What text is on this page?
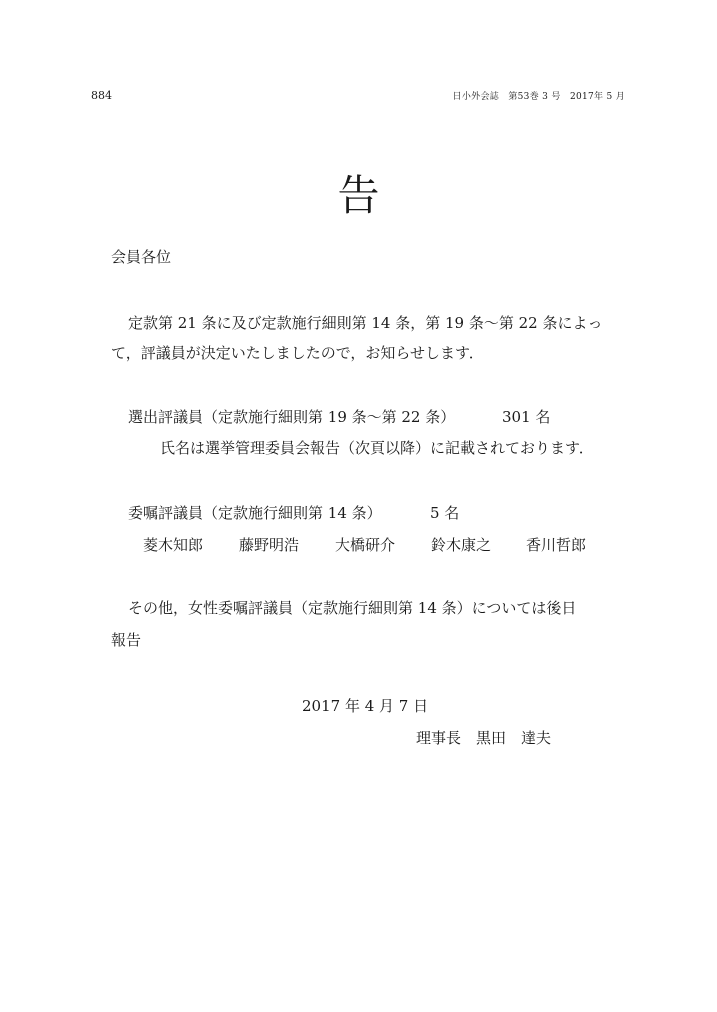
884	日小外会誌　第53巻 3 号　2017年 5 月
告
会員各位
定款第 21 条に及び定款施行細則第 14 条，第 19 条～第 22 条によっ
て，評議員が決定いたしましたので，お知らせします．
選出評議員（定款施行細則第 19 条～第 22 条）	301 名
氏名は選挙管理委員会報告（次頁以降）に記載されております．
委嘱評議員（定款施行細則第 14 条）	5 名
菱木知郎 藤野明浩 大橋研介 鈴木康之 香川哲郎
その他，女性委嘱評議員（定款施行細則第 14 条）については後日
報告
2017 年 4 月 7 日
理事長　黒田　達夫
